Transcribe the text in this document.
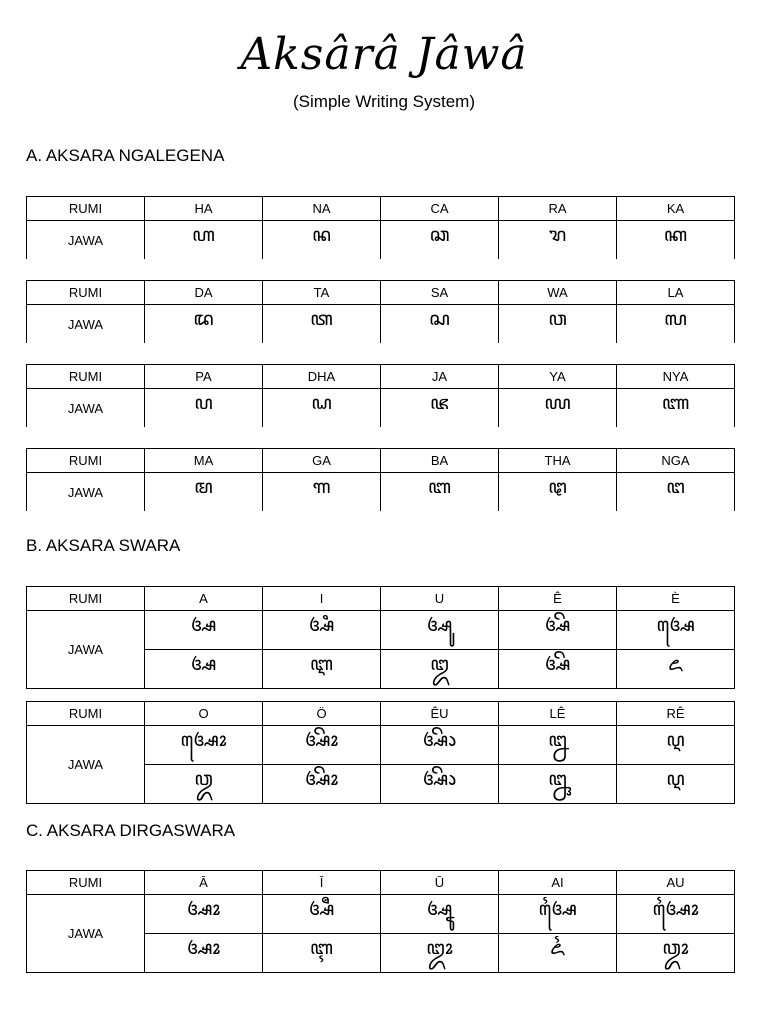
Aksârâ Jâwâ
(Simple Writing System)
A. AKSARA NGALEGENA
RUMI	HA	NA	CA	RA	KA
JAWA	ꦲ	ꦤ	ꦕ	ꦫ	ꦏ
RUMI	DA	TA	SA	WA	LA
JAWA	ꦢ	ꦠ	ꦱ	ꦮ	ꦭ
RUMI	PA	DHA	JA	YA	NYA
JAWA	ꦥ	ꦝ	ꦗ	ꦪ	ꦚ
RUMI	MA	GA	BA	THA	NGA
JAWA	ꦩ	ꦒ	ꦧ	ꦛ	ꦔ
B. AKSARA SWARA
RUMI	A	I	U	Ê	È
JAWA	ꦄ	ꦄꦶ	ꦄꦸ	ꦄꦼ	ꦄꦺ
	ꦄ	ꦆ	ꦈ	ꦄꦼ	ꦌ
RUMI	O	Ö	ÊU	LÊ	RÊ
JAWA	ꦄꦺꦴ	ꦄꦼꦴ	ꦄꦼꦵ	ꦊ	ꦉ
	ꦎ	ꦄꦼꦴ	ꦄꦼꦵ	ꦋ	ꦉ
C. AKSARA DIRGASWARA
RUMI	Ā	Ī	Ū	AI	AU
JAWA	ꦄꦴ	ꦄꦷ	ꦄꦹ	ꦄꦻ	ꦄꦻꦴ
	ꦄꦴ	ꦇ	ꦈꦴ	ꦍ	ꦎꦴ
